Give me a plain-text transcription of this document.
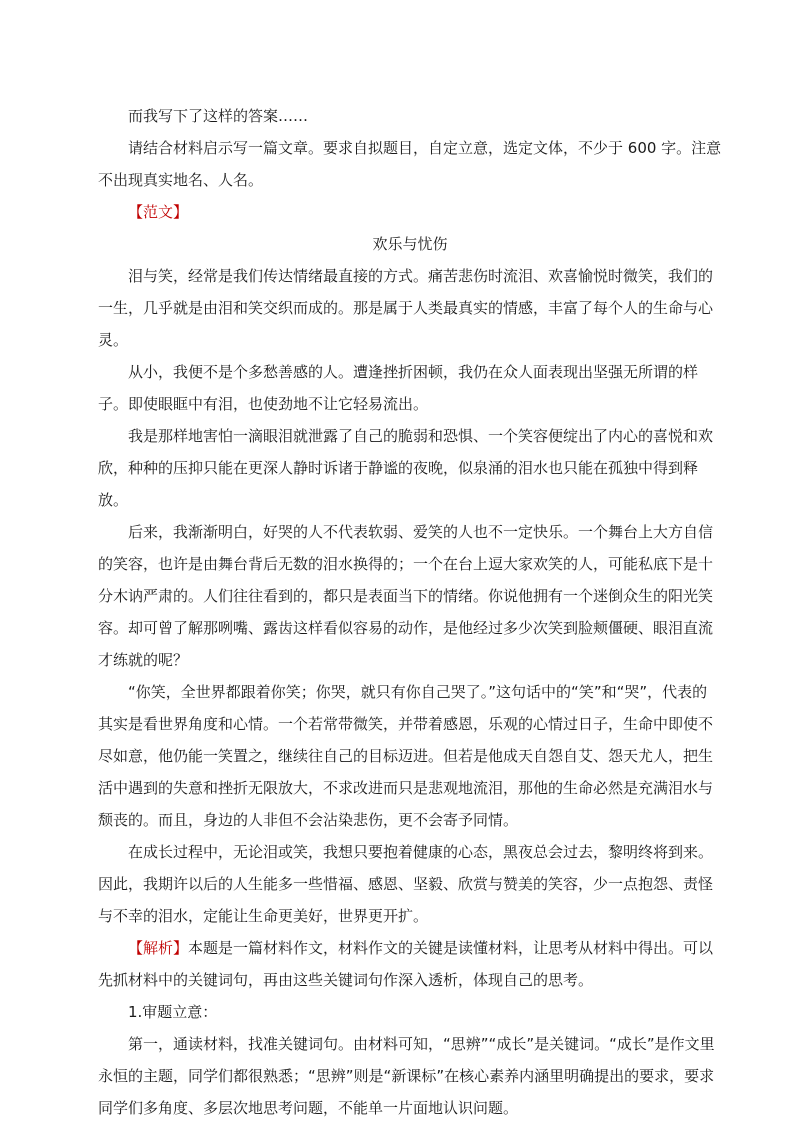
而我写下了这样的答案……

请结合材料启示写一篇文章。要求自拟题目，自定立意，选定文体，不少于 600 字。注意不出现真实地名、人名。

【范文】

欢乐与忧伤

泪与笑，经常是我们传达情绪最直接的方式。痛苦悲伤时流泪、欢喜愉悦时微笑，我们的一生，几乎就是由泪和笑交织而成的。那是属于人类最真实的情感，丰富了每个人的生命与心灵。

从小，我便不是个多愁善感的人。遭逢挫折困顿，我仍在众人面表现出坚强无所谓的样子。即使眼眶中有泪，也使劲地不让它轻易流出。

我是那样地害怕一滴眼泪就泄露了自己的脆弱和恐惧、一个笑容便绽出了内心的喜悦和欢欣，种种的压抑只能在更深人静时诉诸于静谧的夜晚，似泉涌的泪水也只能在孤独中得到释放。

后来，我渐渐明白，好哭的人不代表软弱、爱笑的人也不一定快乐。一个舞台上大方自信的笑容，也许是由舞台背后无数的泪水换得的；一个在台上逗大家欢笑的人，可能私底下是十分木讷严肃的。人们往往看到的，都只是表面当下的情绪。你说他拥有一个迷倒众生的阳光笑容。却可曾了解那咧嘴、露齿这样看似容易的动作，是他经过多少次笑到脸颊僵硬、眼泪直流才练就的呢？

“你笑，全世界都跟着你笑；你哭，就只有你自己哭了。”这句话中的“笑”和“哭”，代表的其实是看世界角度和心情。一个若常带微笑，并带着感恩，乐观的心情过日子，生命中即使不尽如意，他仍能一笑置之，继续往自己的目标迈进。但若是他成天自怨自艾、怨天尤人，把生活中遇到的失意和挫折无限放大，不求改进而只是悲观地流泪，那他的生命必然是充满泪水与颓丧的。而且，身边的人非但不会沾染悲伤，更不会寄予同情。

在成长过程中，无论泪或笑，我想只要抱着健康的心态，黑夜总会过去，黎明终将到来。因此，我期许以后的人生能多一些惜福、感恩、坚毅、欣赏与赞美的笑容，少一点抱怨、责怪与不幸的泪水，定能让生命更美好，世界更开扩。

【解析】本题是一篇材料作文，材料作文的关键是读懂材料，让思考从材料中得出。可以先抓材料中的关键词句，再由这些关键词句作深入透析，体现自己的思考。

1.审题立意：

第一，通读材料，找准关键词句。由材料可知，“思辨”“成长”是关键词。“成长”是作文里永恒的主题，同学们都很熟悉；“思辨”则是“新课标”在核心素养内涵里明确提出的要求，要求同学们多角度、多层次地思考问题，不能单一片面地认识问题。
